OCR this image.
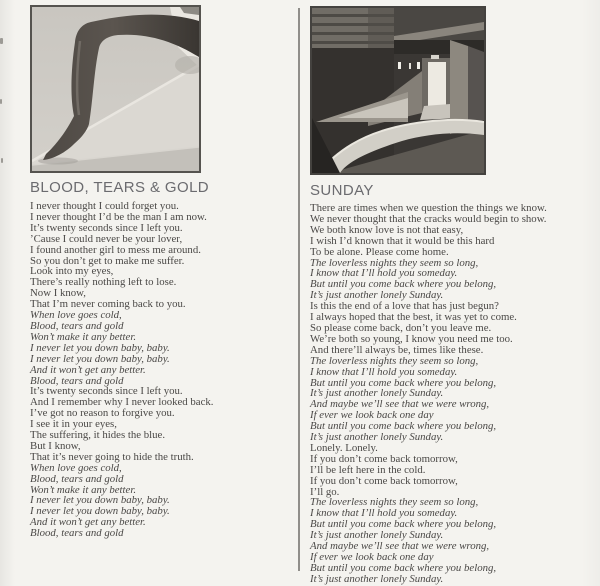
BLOOD, TEARS & GOLD	SUNDAY
I never thought I could forget you.
I never thought I’d be the man I am now.
It’s twenty seconds since I left you.
’Cause I could never be your lover,
I found another girl to mess me around.
So you don’t get to make me suffer.
Look into my eyes,
There’s really nothing left to lose.
Now I know,
That I’m never coming back to you.
When love goes cold,
Blood, tears and gold
Won’t make it any better.
I never let you down baby, baby.
I never let you down baby, baby.
And it won’t get any better.
Blood, tears and gold
It’s twenty seconds since I left you.
And I remember why I never looked back.
I’ve got no reason to forgive you.
I see it in your eyes,
The suffering, it hides the blue.
But I know,
That it’s never going to hide the truth.
When love goes cold,
Blood, tears and gold
Won’t make it any better.
I never let you down baby, baby.
I never let you down baby, baby.
And it won’t get any better.
Blood, tears and gold
There are times when we question the things we know.
We never thought that the cracks would begin to show.
We both know love is not that easy,
I wish I’d known that it would be this hard
To be alone. Please come home.
The loverless nights they seem so long,
I know that I’ll hold you someday.
But until you come back where you belong,
It’s just another lonely Sunday.
Is this the end of a love that has just begun?
I always hoped that the best, it was yet to come.
So please come back, don’t you leave me.
We’re both so young, I know you need me too.
And there’ll always be, times like these.
The loverless nights they seem so long,
I know that I’ll hold you someday.
But until you come back where you belong,
It’s just another lonely Sunday.
And maybe we’ll see that we were wrong,
If ever we look back one day
But until you come back where you belong,
It’s just another lonely Sunday.
Lonely. Lonely.
If you don’t come back tomorrow,
I’ll be left here in the cold.
If you don’t come back tomorrow,
I’ll go.
The loverless nights they seem so long,
I know that I’ll hold you someday.
But until you come back where you belong,
It’s just another lonely Sunday.
And maybe we’ll see that we were wrong,
If ever we look back one day
But until you come back where you belong,
It’s just another lonely Sunday.
